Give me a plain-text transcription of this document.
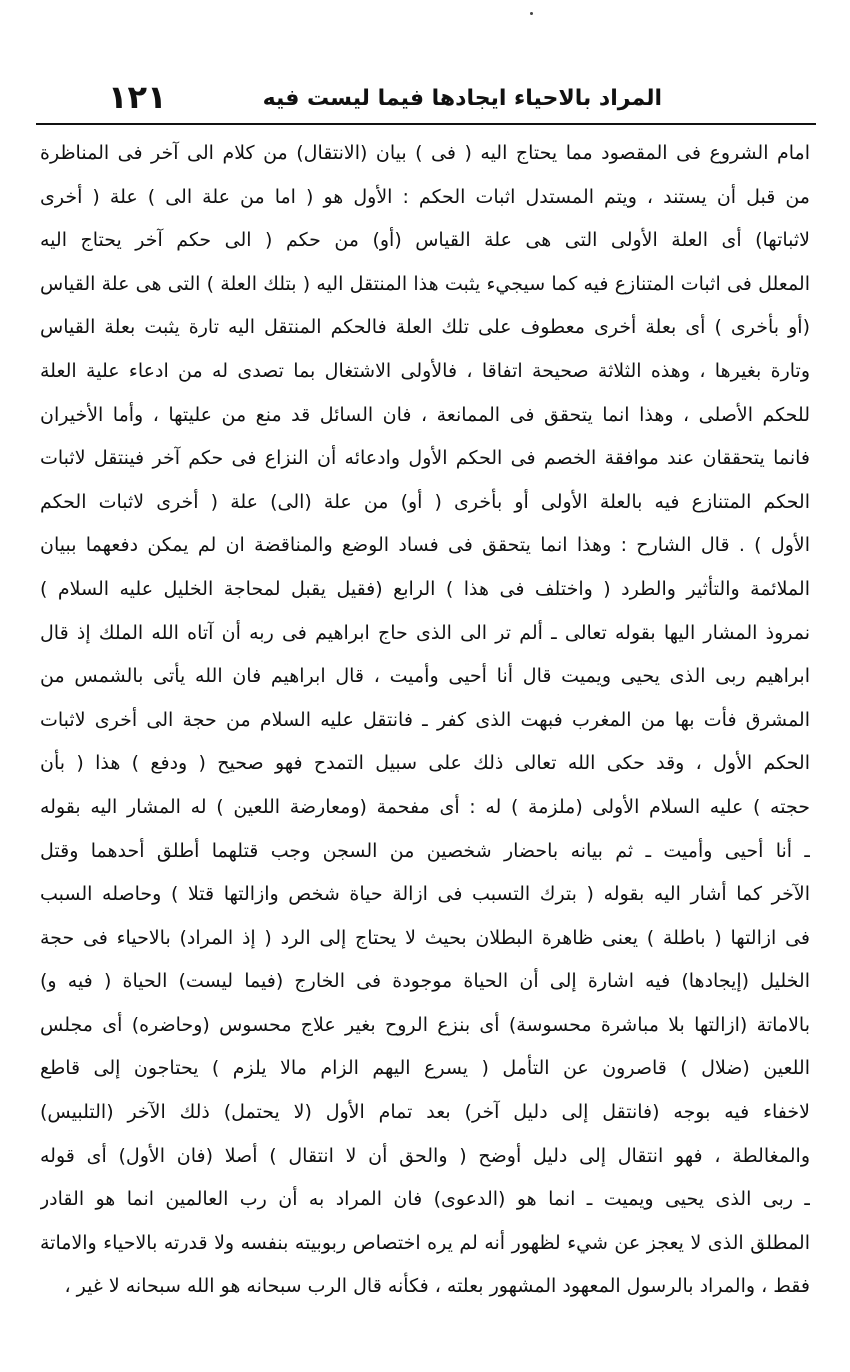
المراد بالاحياء ايجادها فيما ليست فيه
١٢١
امام الشروع فى المقصود مما يحتاج اليه ( فى ) بيان (الانتقال) من كلام الى آخر فى المناظرة
من قبل أن يستند ، ويتم المستدل اثبات الحكم : الأول هو ( اما من علة الى ) علة ( أخرى
لاثباتها) أى العلة الأولى التى هى علة القياس (أو) من حكم ( الى حكم آخر يحتاج اليه
المعلل فى اثبات المتنازع فيه كما سيجيء يثبت هذا المنتقل اليه ( بتلك العلة ) التى هى علة القياس
(أو بأخرى ) أى بعلة أخرى معطوف على تلك العلة فالحكم المنتقل اليه تارة يثبت بعلة القياس
وتارة بغيرها ، وهذه الثلاثة صحيحة اتفاقا ، فالأولى الاشتغال بما تصدى له من ادعاء علية العلة
للحكم الأصلى ، وهذا انما يتحقق فى الممانعة ، فان السائل قد منع من عليتها ، وأما الأخيران
فانما يتحققان عند موافقة الخصم فى الحكم الأول وادعائه أن النزاع فى حكم آخر فينتقل لاثبات
الحكم المتنازع فيه بالعلة الأولى أو بأخرى ( أو) من علة (الى) علة ( أخرى لاثبات الحكم
الأول ) . قال الشارح : وهذا انما يتحقق فى فساد الوضع والمناقضة ان لم يمكن دفعهما ببيان
الملائمة والتأثير والطرد ( واختلف فى هذا ) الرابع (فقيل يقبل لمحاجة الخليل عليه السلام )
نمروذ المشار اليها بقوله تعالى ـ ألم تر الى الذى حاج ابراهيم فى ربه أن آتاه الله الملك إذ قال
ابراهيم ربى الذى يحيى ويميت قال أنا أحيى وأميت ، قال ابراهيم فان الله يأتى بالشمس من
المشرق فأت بها من المغرب فبهت الذى كفر ـ فانتقل عليه السلام من حجة الى أخرى لاثبات
الحكم الأول ، وقد حكى الله تعالى ذلك على سبيل التمدح فهو صحيح ( ودفع ) هذا ( بأن
حجته ) عليه السلام الأولى (ملزمة ) له : أى مفحمة (ومعارضة اللعين ) له المشار اليه بقوله
ـ أنا أحيى وأميت ـ ثم بيانه باحضار شخصين من السجن وجب قتلهما أطلق أحدهما وقتل
الآخر كما أشار اليه بقوله ( بترك التسبب فى ازالة حياة شخص وازالتها قتلا ) وحاصله السبب
فى ازالتها ( باطلة ) يعنى ظاهرة البطلان بحيث لا يحتاج إلى الرد ( إذ المراد) بالاحياء فى حجة
الخليل (إيجادها) فيه اشارة إلى أن الحياة موجودة فى الخارج (فيما ليست) الحياة ( فيه و)
بالاماتة (ازالتها بلا مباشرة محسوسة) أى بنزع الروح بغير علاج محسوس (وحاضره) أى مجلس
اللعين (ضلال ) قاصرون عن التأمل ( يسرع اليهم الزام مالا يلزم ) يحتاجون إلى قاطع
لاخفاء فيه بوجه (فانتقل إلى دليل آخر) بعد تمام الأول (لا يحتمل) ذلك الآخر (التلبيس)
والمغالطة ، فهو انتقال إلى دليل أوضح ( والحق أن لا انتقال ) أصلا (فان الأول) أى قوله
ـ ربى الذى يحيى ويميت ـ انما هو (الدعوى) فان المراد به أن رب العالمين انما هو القادر
المطلق الذى لا يعجز عن شيء لظهور أنه لم يره اختصاص ربوبيته بنفسه ولا قدرته بالاحياء والاماتة
فقط ، والمراد بالرسول المعهود المشهور بعلته ، فكأنه قال الرب سبحانه هو الله سبحانه لا غير ،
